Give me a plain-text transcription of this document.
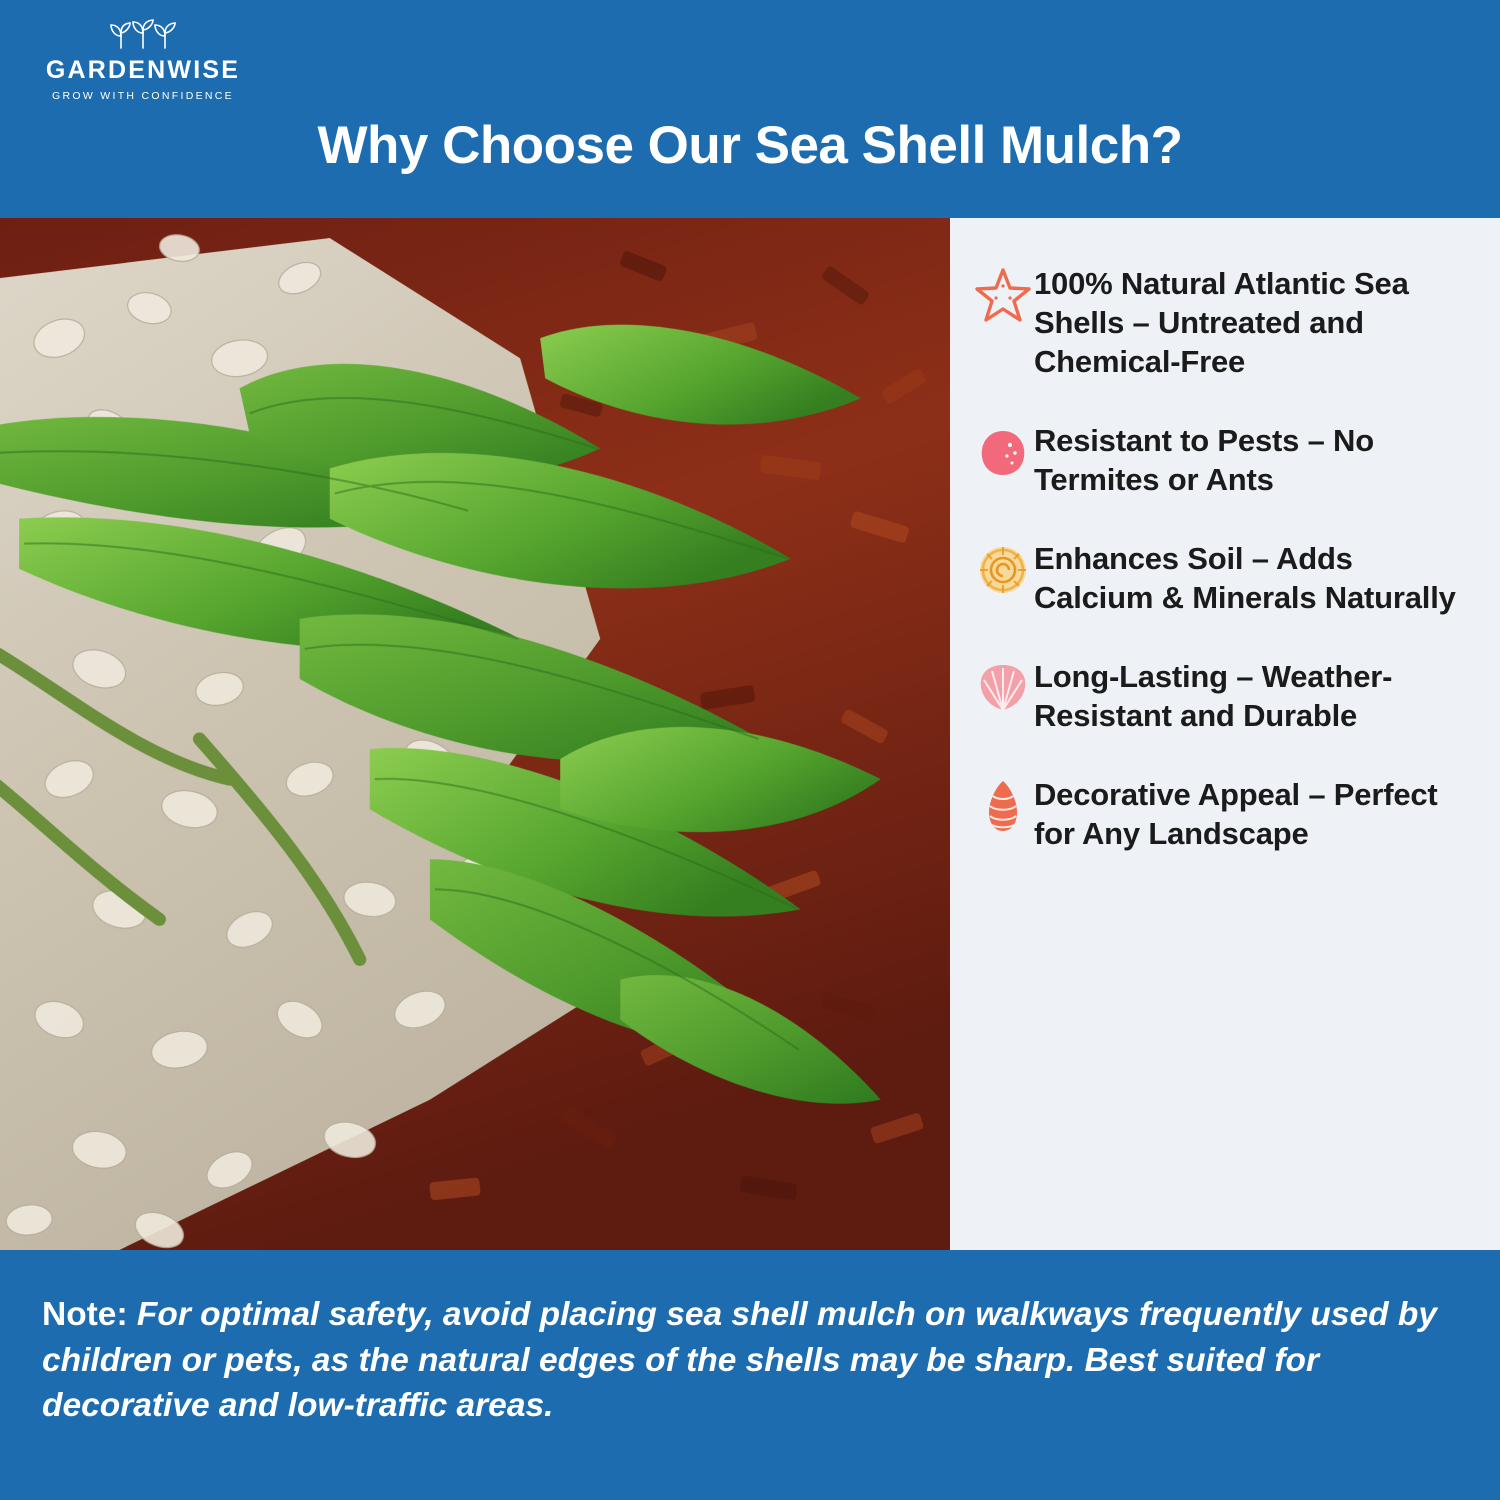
GARDENWISE
GROW WITH CONFIDENCE
Why Choose Our Sea Shell Mulch?
100% Natural Atlantic Sea Shells – Untreated and Chemical-Free
Resistant to Pests – No Termites or Ants
Enhances Soil – Adds Calcium & Minerals Naturally
Long-Lasting – Weather-Resistant and Durable
Decorative Appeal – Perfect for Any Landscape
Note: For optimal safety, avoid placing sea shell mulch on walkways frequently used by children or pets, as the natural edges of the shells may be sharp. Best suited for decorative and low-traffic areas.
